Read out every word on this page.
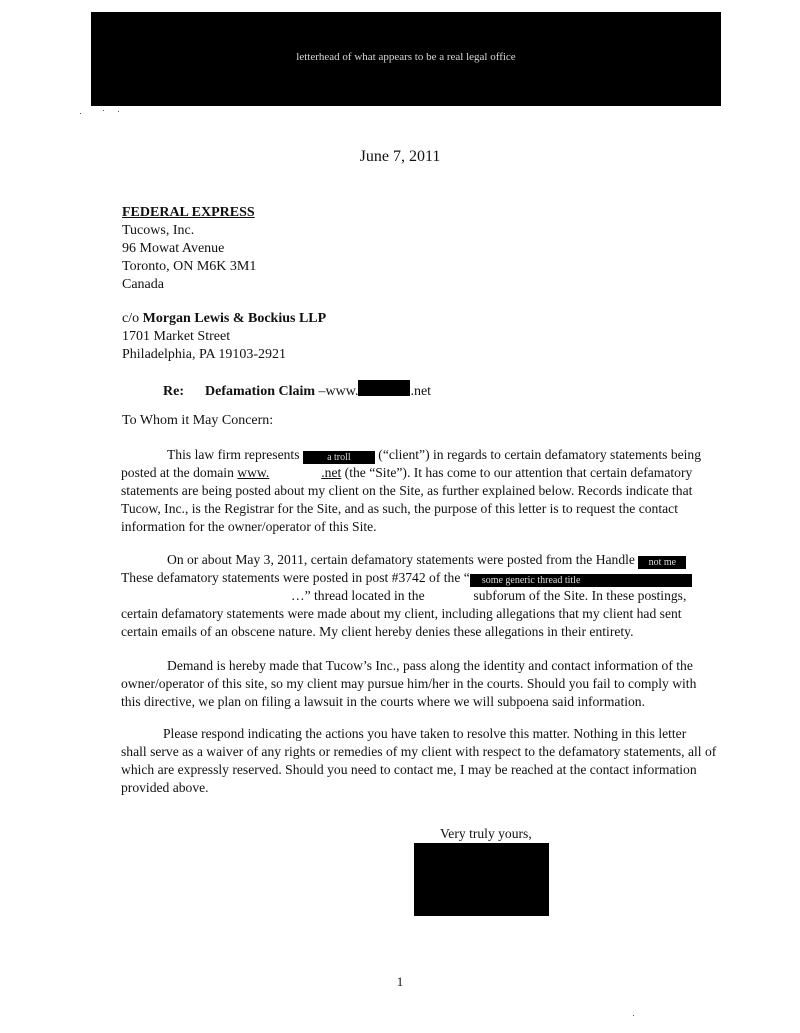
letterhead of what appears to be a real legal office
June 7, 2011
FEDERAL EXPRESS
Tucows, Inc.
96 Mowat Avenue
Toronto, ON M6K 3M1
Canada
c/o Morgan Lewis & Bockius LLP
1701 Market Street
Philadelphia, PA 19103-2921
Re: Defamation Claim –www.	.net
To Whom it May Concern:
This law firm represents a troll (“client”) in regards to certain defamatory statements being
posted at the domain www.	.net (the “Site”). It has come to our attention that certain defamatory
statements are being posted about my client on the Site, as further explained below. Records indicate that
Tucow, Inc., is the Registrar for the Site, and as such, the purpose of this letter is to request the contact
information for the owner/operator of this Site.
On or about May 3, 2011, certain defamatory statements were posted from the Handle not me
These defamatory statements were posted in post #3742 of the “ some generic thread title
…” thread located in the	subforum of the Site. In these postings,
certain defamatory statements were made about my client, including allegations that my client had sent
certain emails of an obscene nature. My client hereby denies these allegations in their entirety.
Demand is hereby made that Tucow’s Inc., pass along the identity and contact information of the
owner/operator of this site, so my client may pursue him/her in the courts. Should you fail to comply with
this directive, we plan on filing a lawsuit in the courts where we will subpoena said information.
Please respond indicating the actions you have taken to resolve this matter. Nothing in this letter
shall serve as a waiver of any rights or remedies of my client with respect to the defamatory statements, all of
which are expressly reserved. Should you need to contact me, I may be reached at the contact information
provided above.
Very truly yours,
1
